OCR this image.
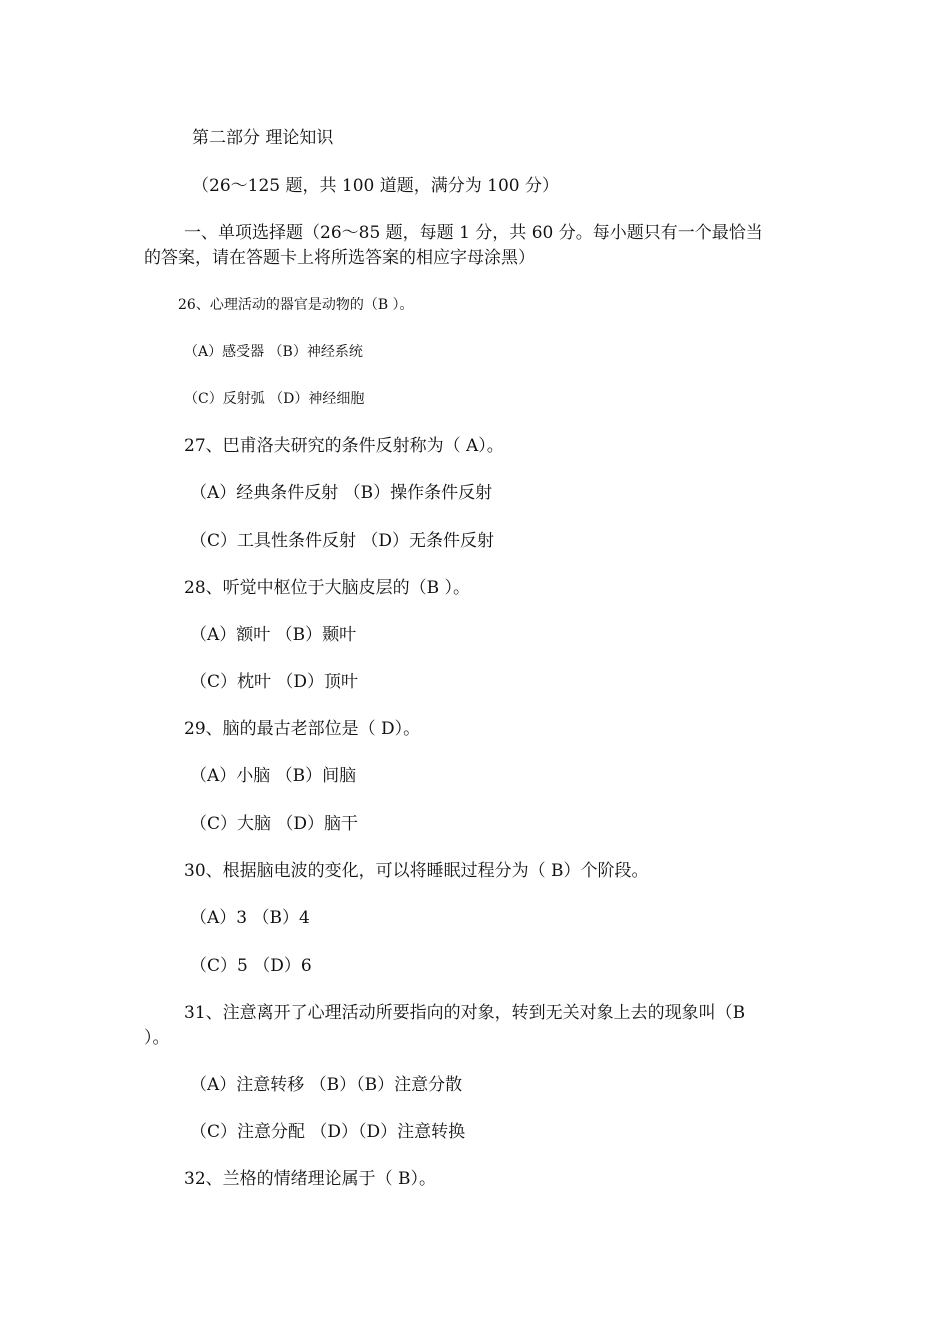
第二部分 理论知识
（26～125 题，共 100 道题，满分为 100 分）
一、单项选择题（26～85 题，每题 1 分，共 60 分。每小题只有一个最恰当
的答案，请在答题卡上将所选答案的相应字母涂黑）
26、心理活动的器官是动物的（B ）。
（A）感受器 （B）神经系统
（C）反射弧 （D）神经细胞
27、巴甫洛夫研究的条件反射称为（ A）。
（A）经典条件反射 （B）操作条件反射
（C）工具性条件反射 （D）无条件反射
28、听觉中枢位于大脑皮层的（B ）。
（A）额叶 （B）颞叶
（C）枕叶 （D）顶叶
29、脑的最古老部位是（ D）。
（A）小脑 （B）间脑
（C）大脑 （D）脑干
30、根据脑电波的变化，可以将睡眠过程分为（ B）个阶段。
（A）3 （B）4
（C）5 （D）6
31、注意离开了心理活动所要指向的对象，转到无关对象上去的现象叫（B
）。
（A）注意转移 （B）（B）注意分散
（C）注意分配 （D）（D）注意转换
32、兰格的情绪理论属于（ B）。
